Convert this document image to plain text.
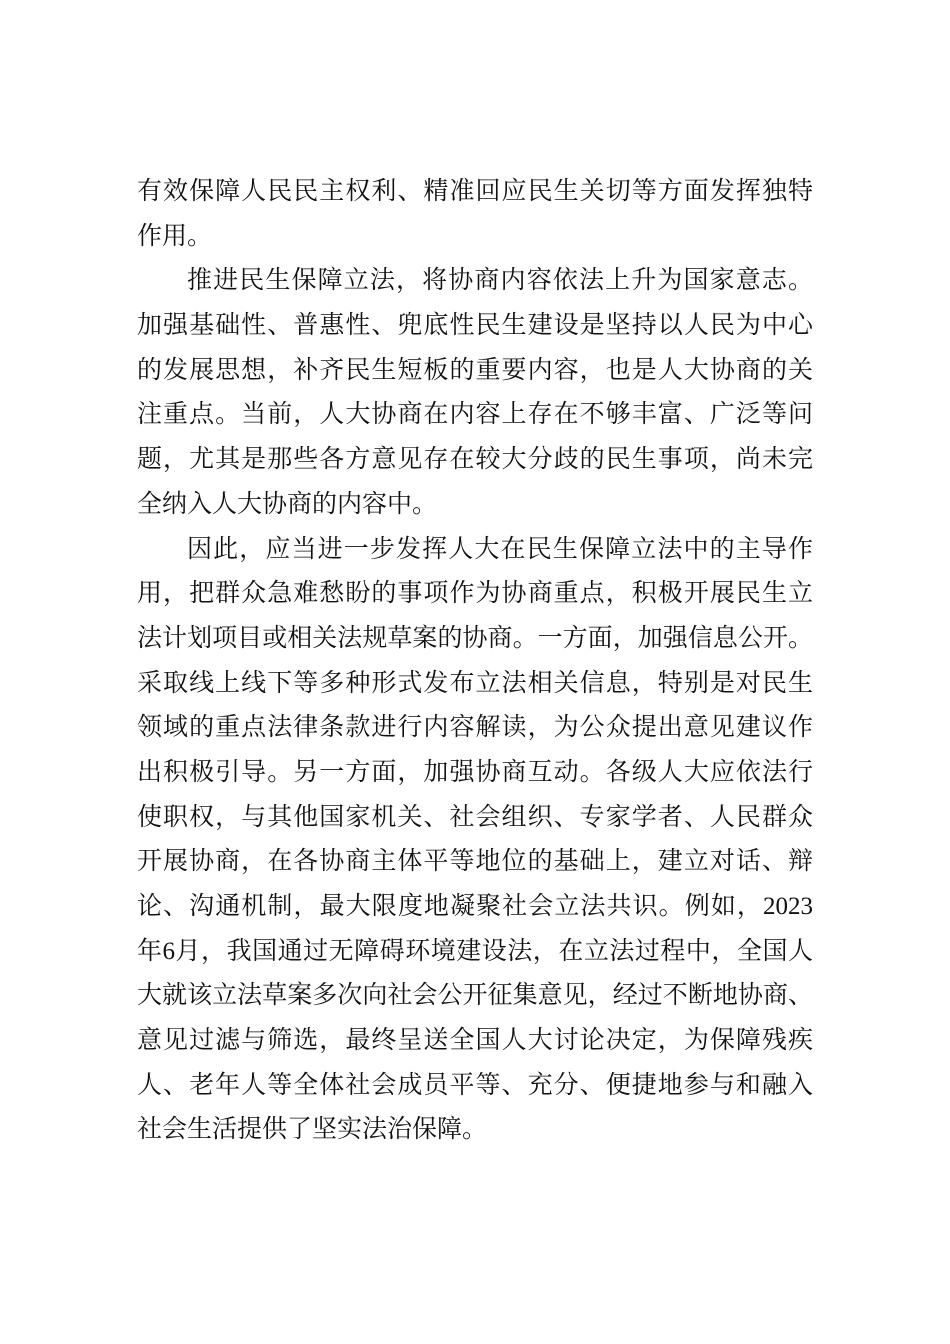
有效保障人民民主权利、精准回应民生关切等方面发挥独特
作用。
推进民生保障立法，将协商内容依法上升为国家意志。
加强基础性、普惠性、兜底性民生建设是坚持以人民为中心
的发展思想，补齐民生短板的重要内容，也是人大协商的关
注重点。当前，人大协商在内容上存在不够丰富、广泛等问
题，尤其是那些各方意见存在较大分歧的民生事项，尚未完
全纳入人大协商的内容中。
因此，应当进一步发挥人大在民生保障立法中的主导作
用，把群众急难愁盼的事项作为协商重点，积极开展民生立
法计划项目或相关法规草案的协商。一方面，加强信息公开。
采取线上线下等多种形式发布立法相关信息，特别是对民生
领域的重点法律条款进行内容解读，为公众提出意见建议作
出积极引导。另一方面，加强协商互动。各级人大应依法行
使职权，与其他国家机关、社会组织、专家学者、人民群众
开展协商，在各协商主体平等地位的基础上，建立对话、辩
论、沟通机制，最大限度地凝聚社会立法共识。例如，2023
年6月，我国通过无障碍环境建设法，在立法过程中，全国人
大就该立法草案多次向社会公开征集意见，经过不断地协商、
意见过滤与筛选，最终呈送全国人大讨论决定，为保障残疾
人、老年人等全体社会成员平等、充分、便捷地参与和融入
社会生活提供了坚实法治保障。
